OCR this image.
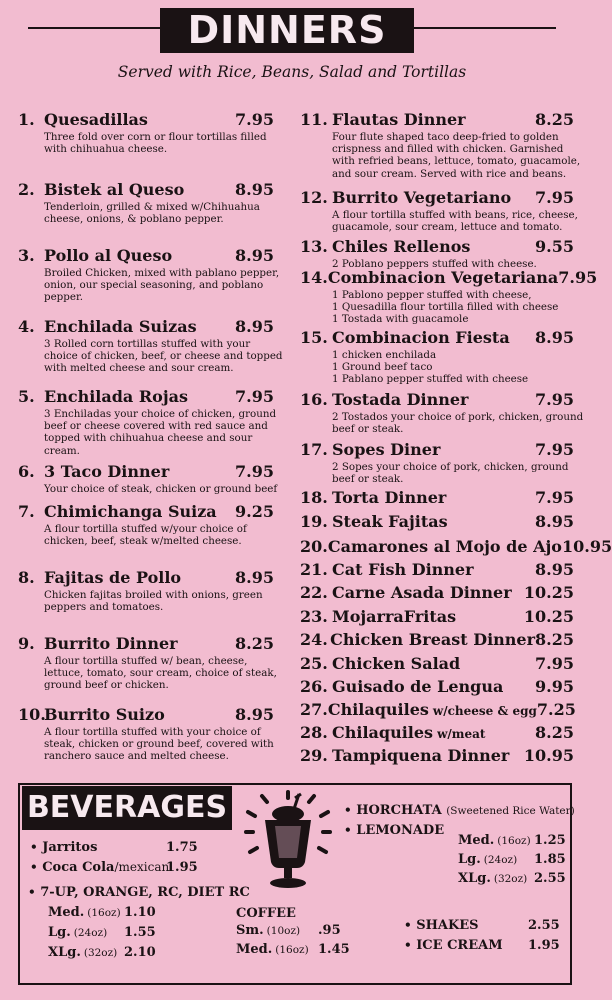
DINNERS
Served with Rice, Beans, Salad and Tortillas
1. Quesadillas	7.95
Three fold over corn or flour tortillas filled
with chihuahua cheese.
2. Bistek al Queso	8.95
Tenderloin, grilled & mixed w/Chihuahua
cheese, onions, & poblano pepper.
3. Pollo al Queso	8.95
Broiled Chicken, mixed with pablano pepper,
onion, our special seasoning, and poblano
pepper.
4. Enchilada Suizas	8.95
3 Rolled corn tortillas stuffed with your
choice of chicken, beef, or cheese and topped
with melted cheese and sour cream.
5. Enchilada Rojas	7.95
3 Enchiladas your choice of chicken, ground
beef or cheese covered with red sauce and
topped with chihuahua cheese and sour
cream.
6. 3 Taco Dinner	7.95
Your choice of steak, chicken or ground beef
7. Chimichanga Suiza	9.25
A flour tortilla stuffed w/your choice of
chicken, beef, steak w/melted cheese.
8. Fajitas de Pollo	8.95
Chicken fajitas broiled with onions, green
peppers and tomatoes.
9. Burrito Dinner	8.25
A flour tortilla stuffed w/ bean, cheese,
lettuce, tomato, sour cream, choice of steak,
ground beef or chicken.
10.
Burrito Suizo	8.95
A flour tortilla stuffed with your choice of
steak, chicken or ground beef, covered with
ranchero sauce and melted cheese.
11. Flautas Dinner	8.25
Four flute shaped taco deep-fried to golden
crispness and filled with chicken. Garnished
with refried beans, lettuce, tomato, guacamole,
and sour cream. Served with rice and beans.
12. Burrito Vegetariano	7.95
A flour tortilla stuffed with beans, rice, cheese,
guacamole, sour cream, lettuce and tomato.
13. Chiles Rellenos	9.55
2 Poblano peppers stuffed with cheese.
14. Combinacion Vegetariana 7.95
1 Pablono pepper stuffed with cheese,
1 Quesadilla flour tortilla filled with cheese
1 Tostada with guacamole
15. Combinacion Fiesta	8.95
1 chicken enchilada
1 Ground beef taco
1 Pablano pepper stuffed with cheese
16. Tostada Dinner	7.95
2 Tostados your choice of pork, chicken, ground
beef or steak.
17. Sopes Diner	7.95
2 Sopes your choice of pork, chicken, ground
beef or steak.
18. Torta Dinner	7.95
19. Steak Fajitas	8.95
20. Camarones al Mojo de Ajo 10.95
21. Cat Fish Dinner	8.95
22. Carne Asada Dinner 10.25
23. MojarraFritas	10.25
24. Chicken Breast Dinner 8.25
25. Chicken Salad	7.95
26. Guisado de Lengua	9.95
27. Chilaquiles w/cheese & egg 7.25
28. Chilaquiles w/meat	8.25
29. Tampiquena Dinner 10.95
BEVERAGES
• Jarritos	1.75
• Coca Cola/mexican
1.95
• 7-UP, ORANGE, RC, DIET RC
Med. (16oz) 1.10
Lg. (24oz) 1.55
XLg. (32oz) 2.10
COFFEE
Sm. (10oz) .95
Med. (16oz) 1.45
• HORCHATA (Sweetened Rice Water)
• LEMONADE
Med. (16oz) 1.25
Lg. (24oz) 1.85
XLg. (32oz) 2.55
• SHAKES	2.55
• ICE CREAM 1.95
